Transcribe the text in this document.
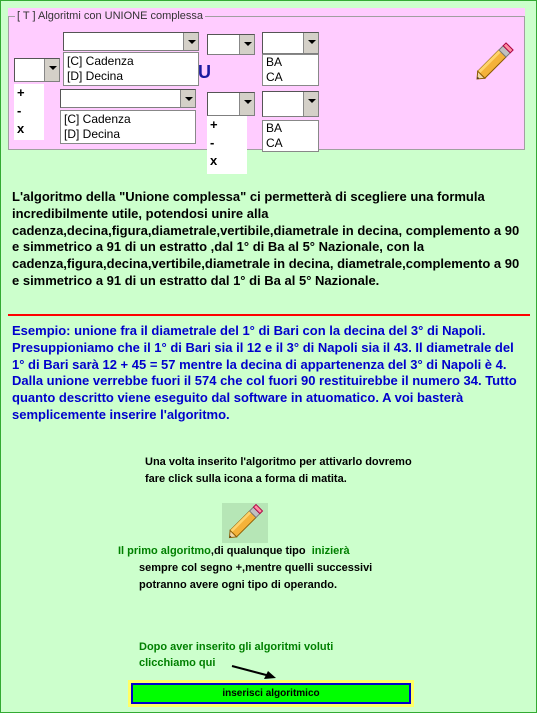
[ T ] Algoritmi con UNIONE complessa
+
-
x
[C] Cadenza
[D] Decina	U	BA
CA
[C] Cadenza
[D] Decina
+
-
x
BA
CA
L'algoritmo della "Unione complessa" ci permetterà di scegliere una formula incredibilmente utile, potendosi unire alla cadenza,decina,figura,diametrale,vertibile,diametrale in decina, complemento a 90 e simmetrico a 91 di un estratto ,dal 1° di Ba al 5° Nazionale, con la cadenza,figura,decina,vertibile,diametrale in decina, diametrale,complemento a 90 e simmetrico a 91 di un estratto dal 1° di Ba al 5° Nazionale.
Esempio: unione fra il diametrale del 1° di Bari con la decina del 3° di Napoli. Presuppioniamo che il 1° di Bari sia il 12 e il 3° di Napoli sia il 43. Il diametrale del 1° di Bari sarà 12 + 45 = 57 mentre la decina di appartenenza del 3° di Napoli è 4. Dalla unione verrebbe fuori il 574 che col fuori 90 restituirebbe il numero 34. Tutto quanto descritto viene eseguito dal software in atuomatico. A voi basterà semplicemente inserire l'algoritmo.
Una volta inserito l'algoritmo per attivarlo dovremo fare click sulla icona a forma di matita.
Il primo algoritmo,di qualunque tipo inizierà
sempre col segno +,mentre quelli successivi
potranno avere ogni tipo di operando.
Dopo aver inserito gli algoritmi voluti
clicchiamo qui
inserisci algoritmico
